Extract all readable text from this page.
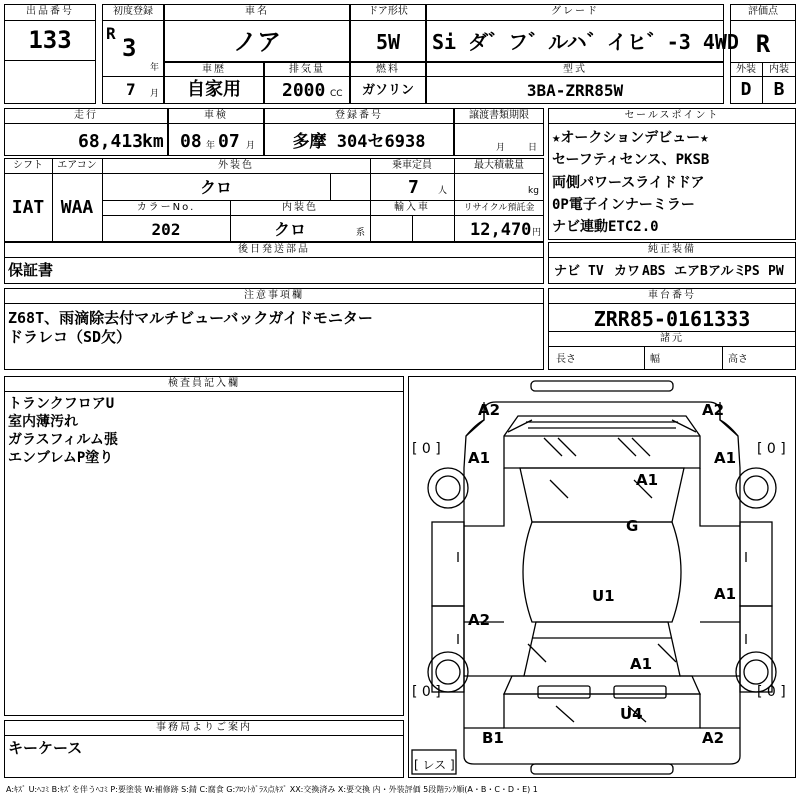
出品番号
133
初度登録
R
3
年
7 月
車名
ノア
ドア形状
5W
グレード
Si ダ゛フ゛ルハ゛イヒ゛-3 4WD
評価点
R
外装	内装
D	B
車歴
自家用
排気量
2000 CC
燃料
ガソリン
型式
3BA-ZRR85W
走行
68,413
km
車検
08 年 07 月
登録番号
多摩 304セ6938
譲渡書類期限
月	日
シフト
IAT
エアコン
WAA
外装色
クロ
乗車定員
7 人
最大積載量
kg
カラーNo.
202
内装色
クロ	系
輸入車	リサイクル預託金
12,470 円
セールスポイント
★オークションデビュー★
セーフティセンス、PKSB
両側パワースライドドア
0P電子インナーミラー
ナビ連動ETC2.0
後日発送部品
保証書
純正装備
ナビ TV カワ ABS エアB アルミ
PS PW
注意事項欄
Z68T、雨滴除去付マルチビューバックガイドモニター
ドラレコ（SD欠）
車台番号
ZRR85-0161333
諸元
長さ	幅	高さ
検査員記入欄
トランクフロアU
室内薄汚れ
ガラスフィルム張
エンブレムP塗り
事務局よりご案内
キーケース
A2	A2
A1	A1
A1
G
U1	A1
A2
A1
U4
B1	A2
[ 0 ]	[ 0 ]
[ 0 ]	[ 0 ]
[ レス ]
A:ｷｽﾞ U:ﾍｺﾐ B:ｷｽﾞを伴うﾍｺﾐ P:要塗装 W:補修跡 S:錆 C:腐食 G:ﾌﾛﾝﾄｶﾞﾗｽ点ｷｽﾞ XX:交換済み X:要交換 内・外装評価 5段階ﾗﾝｸ順(A・B・C・D・E) 1
